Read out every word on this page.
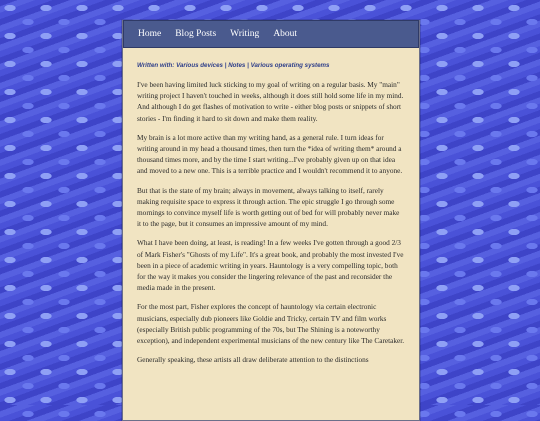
Home Blog Posts Writing About
Written with: Various devices | Notes | Various operating systems

I've been having limited luck sticking to my goal of writing on a regular basis. My "main" writing project I haven't touched in weeks, although it does still hold some life in my mind. And although I do get flashes of motivation to write - either blog posts or snippets of short stories - I'm finding it hard to sit down and make them reality.

My brain is a lot more active than my writing hand, as a general rule. I turn ideas for writing around in my head a thousand times, then turn the *idea of writing them* around a thousand times more, and by the time I start writing...I've probably given up on that idea and moved to a new one. This is a terrible practice and I wouldn't recommend it to anyone.

But that is the state of my brain; always in movement, always talking to itself, rarely making requisite space to express it through action. The epic struggle I go through some mornings to convince myself life is worth getting out of bed for will probably never make it to the page, but it consumes an impressive amount of my mind.

What I have been doing, at least, is reading! In a few weeks I've gotten through a good 2/3 of Mark Fisher's "Ghosts of my Life". It's a great book, and probably the most invested I've been in a piece of academic writing in years. Hauntology is a very compelling topic, both for the way it makes you consider the lingering relevance of the past and reconsider the media made in the present.

For the most part, Fisher explores the concept of hauntology via certain electronic musicians, especially dub pioneers like Goldie and Tricky, certain TV and film works (especially British public programming of the 70s, but The Shining is a noteworthy exception), and independent experimental musicians of the new century like The Caretaker.

Generally speaking, these artists all draw deliberate attention to the distinctions
